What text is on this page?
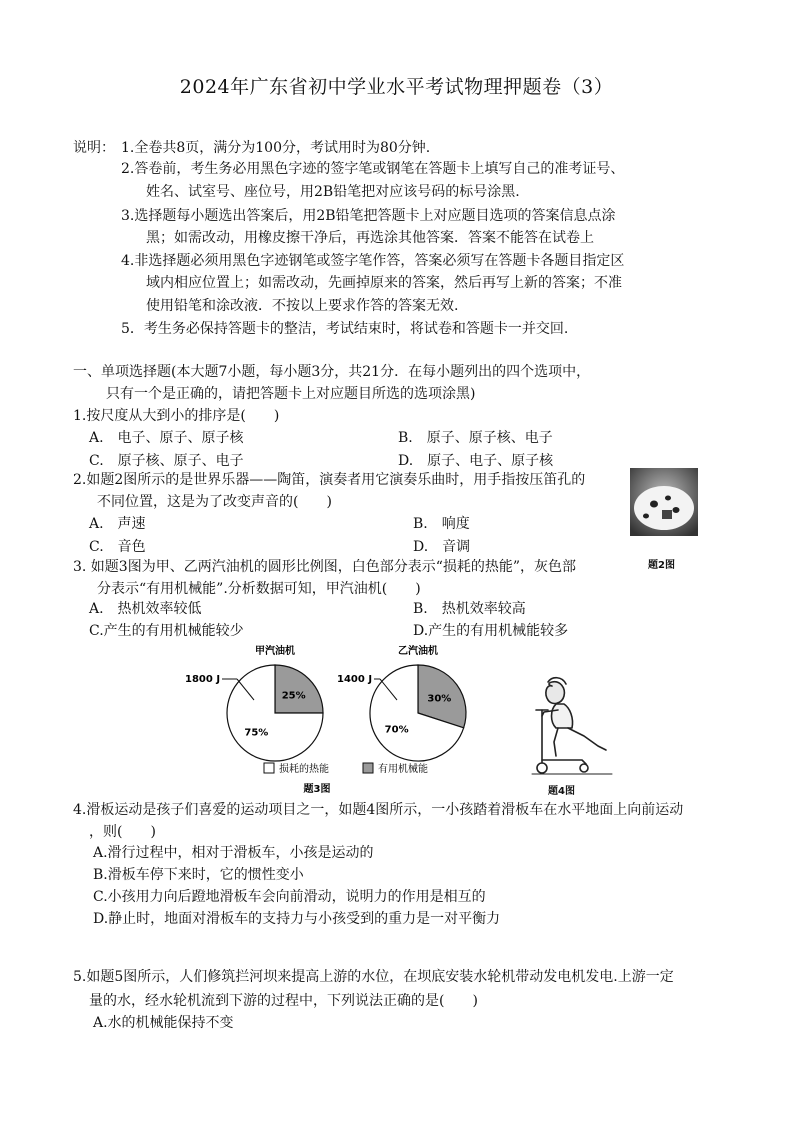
2024年广东省初中学业水平考试物理押题卷（3）
说明： 1.全卷共8页，满分为100分，考试用时为80分钟.
2.答卷前，考生务必用黑色字迹的签字笔或钢笔在答题卡上填写自己的准考证号、
姓名、试室号、座位号，用2B铅笔把对应该号码的标号涂黑.
3.选择题每小题选出答案后，用2B铅笔把答题卡上对应题目选项的答案信息点涂
黑；如需改动，用橡皮擦干净后，再选涂其他答案．答案不能答在试卷上
4.非选择题必须用黑色字迹钢笔或签字笔作答，答案必须写在答题卡各题目指定区
域内相应位置上；如需改动，先画掉原来的答案，然后再写上新的答案；不准
使用铅笔和涂改液．不按以上要求作答的答案无效.
5．考生务必保持答题卡的整洁，考试结束时，将试卷和答题卡一并交回.
一、单项选择题(本大题7小题，每小题3分，共21分．在每小题列出的四个选项中，
只有一个是正确的，请把答题卡上对应题目所选的选项涂黑)
1.按尺度从大到小的排序是(　　)
A.　电子、原子、原子核	B.　原子、原子核、电子
C.　原子核、原子、电子	D.　原子、电子、原子核
2.如题2图所示的是世界乐器——陶笛，演奏者用它演奏乐曲时，用手指按压笛孔的
不同位置，这是为了改变声音的(　　)
A.　声速	B.　响度
C.　音色	D.　音调
题2图
3. 如题3图为甲、乙两汽油机的圆形比例图，白色部分表示“损耗的热能”，灰色部
分表示“有用机械能”.分析数据可知，甲汽油机(　　)
A.　热机效率较低	B.　热机效率较高
C.产生的有用机械能较少	D.产生的有用机械能较多
甲汽油机
1800 J
75%
25%
乙汽油机
1400 J
70%
30%
损耗的热能	有用机械能
题3图	题4图
4.滑板运动是孩子们喜爱的运动项目之一，如题4图所示，一小孩踏着滑板车在水平地面上向前运动
，则(　　)
A.滑行过程中，相对于滑板车，小孩是运动的
B.滑板车停下来时，它的惯性变小
C.小孩用力向后蹬地滑板车会向前滑动，说明力的作用是相互的
D.静止时，地面对滑板车的支持力与小孩受到的重力是一对平衡力
5.如题5图所示，人们修筑拦河坝来提高上游的水位，在坝底安装水轮机带动发电机发电.上游一定
量的水，经水轮机流到下游的过程中，下列说法正确的是(　　)
A.水的机械能保持不变
